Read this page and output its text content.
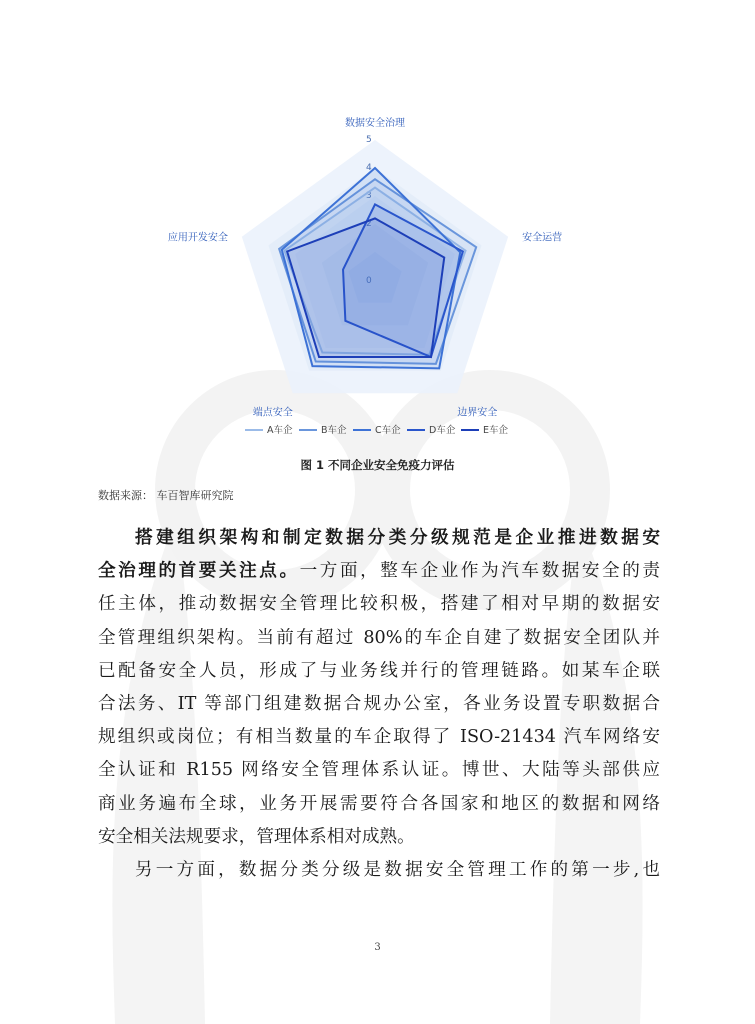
0
2
3
4
5
数据安全治理
安全运营
边界安全
端点安全
应用开发安全
A车企	B车企	C车企	D车企	E车企
图 1 不同企业安全免疫力评估
数据来源： 车百智库研究院
搭建组织架构和制定数据分类分级规范是企业推进数据安
全治理的首要关注点。一方面，整车企业作为汽车数据安全的责
任主体，推动数据安全管理比较积极，搭建了相对早期的数据安
全管理组织架构。当前有超过 80%的车企自建了数据安全团队并
已配备安全人员，形成了与业务线并行的管理链路。如某车企联
合法务、IT 等部门组建数据合规办公室，各业务设置专职数据合
规组织或岗位；有相当数量的车企取得了 ISO-21434 汽车网络安
全认证和 R155 网络安全管理体系认证。博世、大陆等头部供应
商业务遍布全球，业务开展需要符合各国家和地区的数据和网络
安全相关法规要求，管理体系相对成熟。
另一方面，数据分类分级是数据安全管理工作的第一步,也
3
